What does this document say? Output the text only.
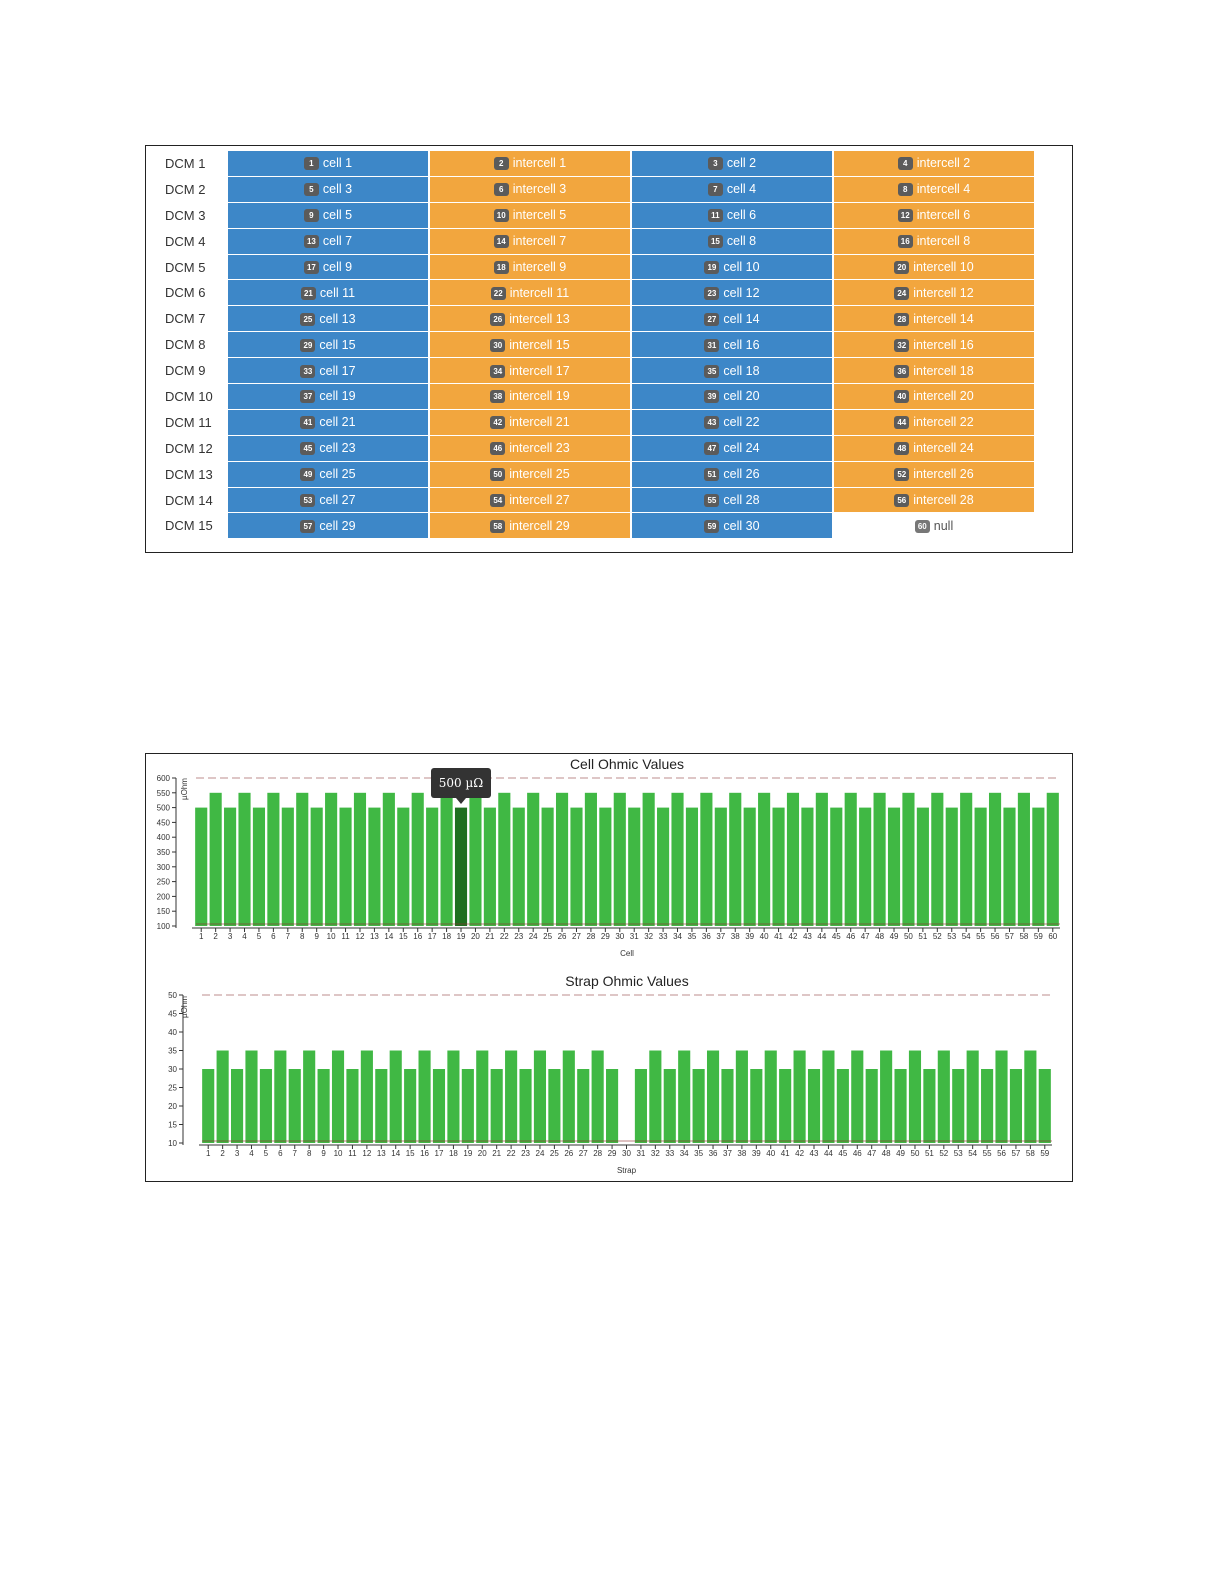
DCM 1	1 cell 1	2 intercell 1	3 cell 2	4 intercell 2
DCM 2	5 cell 3	6 intercell 3	7 cell 4	8 intercell 4
DCM 3	9 cell 5	10 intercell 5	11 cell 6	12 intercell 6
DCM 4	13 cell 7	14 intercell 7	15 cell 8	16 intercell 8
DCM 5	17 cell 9	18 intercell 9	19 cell 10	20 intercell 10
DCM 6	21 cell 11	22 intercell 11	23 cell 12	24 intercell 12
DCM 7	25 cell 13	26 intercell 13	27 cell 14	28 intercell 14
DCM 8	29 cell 15	30 intercell 15	31 cell 16	32 intercell 16
DCM 9	33 cell 17	34 intercell 17	35 cell 18	36 intercell 18
DCM 10	37 cell 19	38 intercell 19	39 cell 20	40 intercell 20
DCM 11	41 cell 21	42 intercell 21	43 cell 22	44 intercell 22
DCM 12	45 cell 23	46 intercell 23	47 cell 24	48 intercell 24
DCM 13	49 cell 25	50 intercell 25	51 cell 26	52 intercell 26
DCM 14	53 cell 27	54 intercell 27	55 cell 28	56 intercell 28
DCM 15	57 cell 29	58 intercell 29	59 cell 30	60 null
Cell Ohmic Values
600
550
500
450
400
350
300
250
200
150
100
µOhm
1 2 3 4 5 6 7 8 9 10 11 12 13 14 15 16 17 18 19 20 21 22 23 24 25 26 27 28 29 30 31 32 33 34 35 36 37 38 39 40 41 42 43 44 45 46 47 48 49 50 51 52 53 54 55 56 57 58 59 60
Cell
Strap Ohmic Values
50
45
40
35
30
25
20
15
10
µOhm
1 2 3 4 5 6 7 8 9 10 11 12 13 14 15 16 17 18 19 20 21 22 23 24 25 26 27 28 29 30 31 32 33 34 35 36 37 38 39 40 41 42 43 44 45 46 47 48 49 50 51 52 53 54 55 56 57 58 59
Strap
500 µΩ
